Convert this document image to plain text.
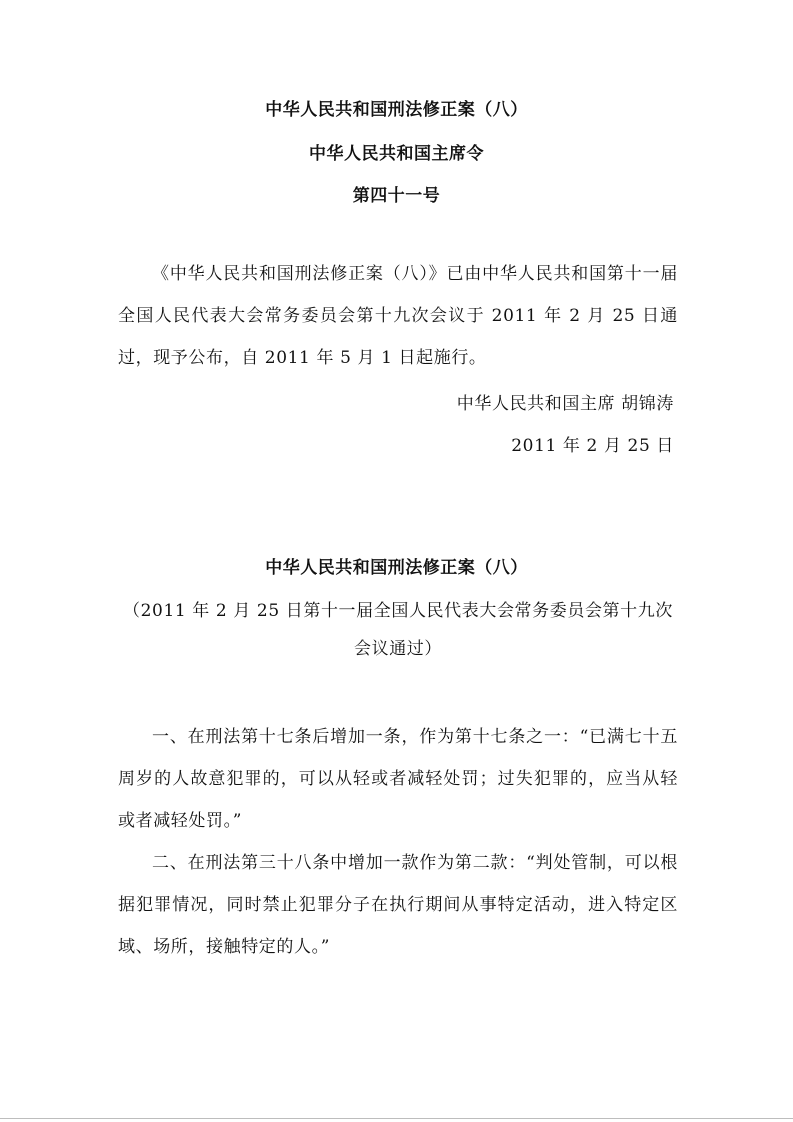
中华人民共和国刑法修正案（八）
中华人民共和国主席令
第四十一号
《中华人民共和国刑法修正案（八）》已由中华人民共和国第十一届全国人民代表大会常务委员会第十九次会议于 2011 年 2 月 25 日通过，现予公布，自 2011 年 5 月 1 日起施行。
中华人民共和国主席 胡锦涛
2011 年 2 月 25 日
中华人民共和国刑法修正案（八）
（2011 年 2 月 25 日第十一届全国人民代表大会常务委员会第十九次会议通过）
一、在刑法第十七条后增加一条，作为第十七条之一：“已满七十五周岁的人故意犯罪的，可以从轻或者减轻处罚；过失犯罪的，应当从轻或者减轻处罚。”
二、在刑法第三十八条中增加一款作为第二款：“判处管制，可以根据犯罪情况，同时禁止犯罪分子在执行期间从事特定活动，进入特定区域、场所，接触特定的人。”
